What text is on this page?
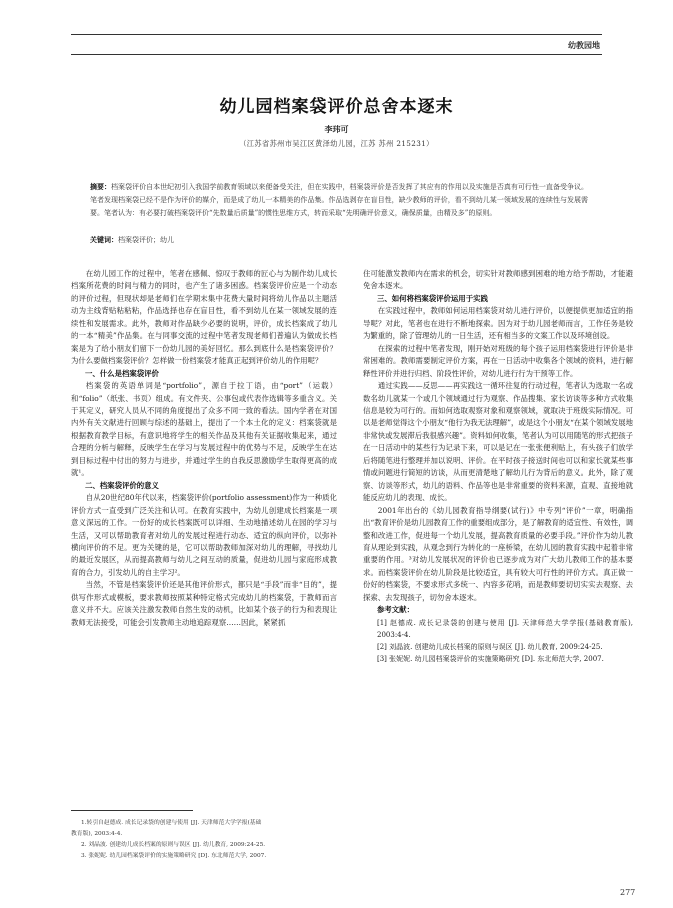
幼教园地
幼儿园档案袋评价总舍本逐末
李玮可
（江苏省苏州市吴江区黄泽幼儿园，江苏 苏州 215231）

摘要：档案袋评价自本世纪初引入我国学前教育领域以来便备受关注，但在实践中，档案袋评价是否发挥了其应有的作用以及实施是否真有可行性一直备受争议。笔者发现档案袋已经不是作为评价的媒介，而是成了幼儿一本精美的作品集。作品选剥存在盲目性，缺少教师的评价，看不到幼儿某一领域发展的连续性与发展需要。笔者认为：有必要打破档案袋评价“先数量后质量”的惯性思维方式，转而采取“先明确评价意义，确保质量，由精及多”的原则。

关键词：档案袋评价；幼儿

在幼儿园工作的过程中，笔者在感佩、惊叹于教师的匠心与为制作幼儿成长档案所花费的时间与精力的同时，也产生了诸多困惑。档案袋评价应是一个动态的评价过程，但现状却是老师们在学期末集中花费大量时间将幼儿作品以主题活动为主线背贴粘粘粘，作品选择也存在盲目性，看不到幼儿在某一领域发展的连续性和发展需求。此外，教师对作品缺少必要的说明，评价，成长档案成了幼儿的一本“精美”作品集。在与同事交流的过程中笔者发现老师们普遍认为做成长档案是为了给小朋友们留下一份幼儿园的美好回忆。那么到底什么是档案袋评价？为什么要做档案袋评价？怎样做一份档案袋才能真正起到评价幼儿的作用呢？

一、什么是档案袋评价

档案袋的英语单词是“portfolio”，源自于拉丁语，由“port”（运载）和“folio”（纸张、书页）组成。有文件夹、公事包或代表作选辑等多重含义。关于其定义，研究人员从不同的角度提出了众多不同一致的看法。国内学者在对国内外有关文献进行回顾与综述的基础上，提出了一个本土化的定义：档案袋就是根据教育教学目标，有意识地将学生的相关作品及其他有关证据收集起来，通过合理的分析与解释，反映学生在学习与发展过程中的优势与不足，反映学生在达到目标过程中付出的努力与进步，并通过学生的自我反思激励学生取得更高的成就¹。

二、档案袋评价的意义

自从20世纪80年代以来，档案袋评价(portfolio assessment)作为一种质化评价方式一直受到广泛关注和认可。在教育实践中，为幼儿创建成长档案是一项意义深远的工作。一份好的成长档案既可以详细、生动地描述幼儿在园的学习与生活，又可以帮助教育者对幼儿的发展过程进行动态、适宜的纵向评价，以弥补横向评价的不足。更为关键的是，它可以帮助教师加深对幼儿的理解，寻找幼儿的最近发展区，从而提高教师与幼儿之间互动的质量，促进幼儿园与家庭形成教育的合力，引发幼儿的自主学习²。

当然，不管是档案袋评价还是其他评价形式，都只是“手段”而非“目的”，提供写作形式或模板，要求教师按照某种特定格式完成幼儿的档案袋，于教师而言意义并不大。应该关注激发教师自然生发的动机，比如某个孩子的行为和表现让教师无法接受，可能会引发教师主动地追踪观察……因此，紧紧抓

住可能激发教师内在需求的机会，切实针对教师感到困难的地方给予帮助，才能避免舍本逐末。

三、如何将档案袋评价运用于实践

在实践过程中，教师如何运用档案袋对幼儿进行评价，以便提供更加适宜的指导呢？对此，笔者也在进行不断地探索。因为对于幼儿园老师而言，工作任务是较为繁重的，除了管理幼儿的一日生活，还有相当多的文案工作以及环境创设。

在探索的过程中笔者发现，刚开始对班级的每个孩子运用档案袋进行评价是非常困难的。教师需要制定评价方案，再在一日活动中收集各个领域的资料，进行解释性评价并进行归档、阶段性评价，对幼儿进行行为干预等工作。

通过实践——反思——再实践这一循环往复的行动过程，笔者认为选取一名或数名幼儿就某一个或几个领域通过行为观察、作品搜集、家长访谈等多种方式收集信息是较为可行的。而如何选取观察对象和观察领域，就取决于班级实际情况。可以是老师觉得这个小朋友“他行为我无法理解”，或是这个小朋友“在某个领域发展地非常快或发展滞后我很感兴趣”。资料如何收集，笔者认为可以用随笔的形式把孩子在一日活动中的某些行为记录下来，可以是记在一张张便利贴上，有头孩子们放学后将随笔进行整理并加以说明、评价。在平时孩子接送时间也可以和家长就某些事情或问题进行简短的访谈，从而更清楚地了解幼儿行为背后的意义。此外，除了观察、访谈等形式，幼儿的语料、作品等也是非常重要的资料来源，直观、直接地就能反应幼儿的表现、成长。

2001年出台的《幼儿园教育指导纲要(试行)》中专列“评价”一章，明确指出“教育评价是幼儿园教育工作的重要组成部分，是了解教育的适宜性、有效性，调整和改进工作，促进每一个幼儿发展，提高教育质量的必要手段。”评价作为幼儿教育从理论到实践，从观念到行为转化的一座桥梁，在幼儿园的教育实践中起着非常重要的作用。³对幼儿发展状况的评价也已逐步成为对广大幼儿教师工作的基本要求。而档案袋评价在幼儿阶段是比较适宜，具有较大可行性的评价方式。真正做一份好的档案袋，不要求形式多统一、内容多花哨，而是教师要切切实实去观察、去探索、去发现孩子，切勿舍本逐末。

参考文献：

[1] 赵德成. 成长记录袋的创建与使用 [J]. 天津师范大学学报(基础教育版), 2003:4-4.

[2] 刘晶波. 创建幼儿成长档案的原则与误区 [J]. 幼儿教育, 2009:24-25.

[3] 张妮妮. 幼儿园档案袋评价的实施策略研究 [D]. 东北师范大学, 2007.

1.转引自赵德成. 成长记录袋的创建与使用 [J]. 天津师范大学学报(基础
教育版), 2003:4-4.
2. 刘晶波. 创建幼儿成长档案的原则与误区 [J]. 幼儿教育, 2009:24-25.
3. 张妮妮. 幼儿园档案袋评价的实施策略研究 [D]. 东北师范大学, 2007.
277
